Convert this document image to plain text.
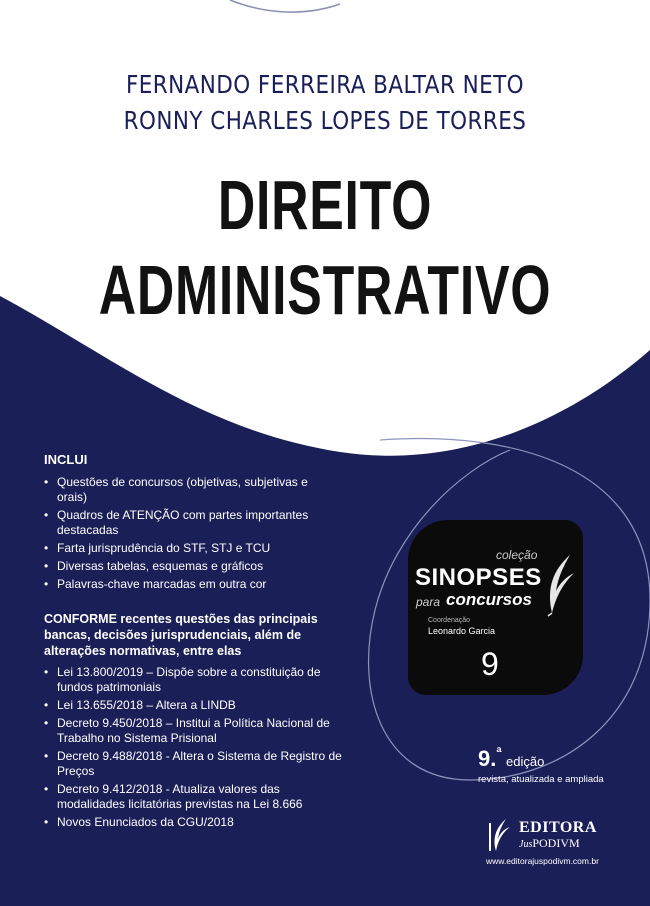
FERNANDO FERREIRA BALTAR NETO
RONNY CHARLES LOPES DE TORRES
DIREITO
ADMINISTRATIVO
INCLUI
• Questões de concursos (objetivas, subjetivas e orais)
• Quadros de ATENÇÃO com partes importantes destacadas
• Farta jurisprudência do STF, STJ e TCU
• Diversas tabelas, esquemas e gráficos
• Palavras-chave marcadas em outra cor
CONFORME recentes questões das principais bancas, decisões jurisprudenciais, além de alterações normativas, entre elas
• Lei 13.800/2019 – Dispõe sobre a constituição de fundos patrimoniais
• Lei 13.655/2018 – Altera a LINDB
• Decreto 9.450/2018 – Institui a Política Nacional de Trabalho no Sistema Prisional
• Decreto 9.488/2018 - Altera o Sistema de Registro de Preços
• Decreto 9.412/2018 - Atualiza valores das modalidades licitatórias previstas na Lei 8.666
• Novos Enunciados da CGU/2018
coleção
SINOPSES
para concursos
Coordenação
Leonardo Garcia
9
9.ª edição
revista, atualizada e ampliada
EDITORA
JusPODIVM
www.editorajuspodivm.com.br
